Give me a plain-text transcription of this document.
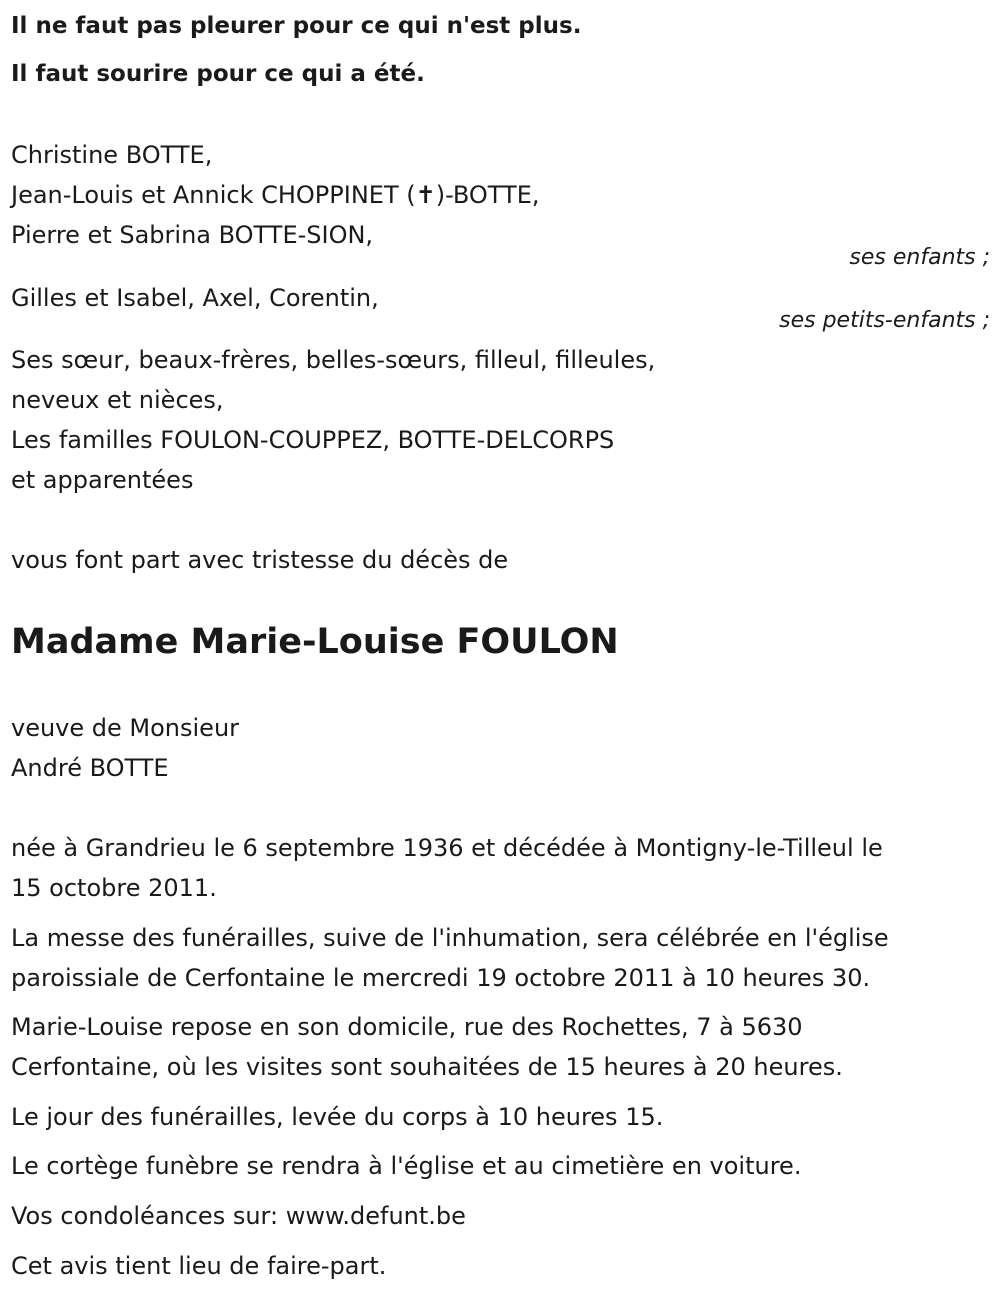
Il ne faut pas pleurer pour ce qui n'est plus.
Il faut sourire pour ce qui a été.
Christine BOTTE,
Jean-Louis et Annick CHOPPINET (✝)-BOTTE,
Pierre et Sabrina BOTTE-SION,
ses enfants ;
Gilles et Isabel, Axel, Corentin,
ses petits-enfants ;
Ses sœur, beaux-frères, belles-sœurs, filleul, filleules,
neveux et nièces,
Les familles FOULON-COUPPEZ, BOTTE-DELCORPS
et apparentées
vous font part avec tristesse du décès de
Madame Marie-Louise FOULON
veuve de Monsieur
André BOTTE
née à Grandrieu le 6 septembre 1936 et décédée à Montigny-le-Tilleul le
15 octobre 2011.
La messe des funérailles, suive de l'inhumation, sera célébrée en l'église
paroissiale de Cerfontaine le mercredi 19 octobre 2011 à 10 heures 30.
Marie-Louise repose en son domicile, rue des Rochettes, 7 à 5630
Cerfontaine, où les visites sont souhaitées de 15 heures à 20 heures.
Le jour des funérailles, levée du corps à 10 heures 15.
Le cortège funèbre se rendra à l'église et au cimetière en voiture.
Vos condoléances sur: www.defunt.be
Cet avis tient lieu de faire-part.
